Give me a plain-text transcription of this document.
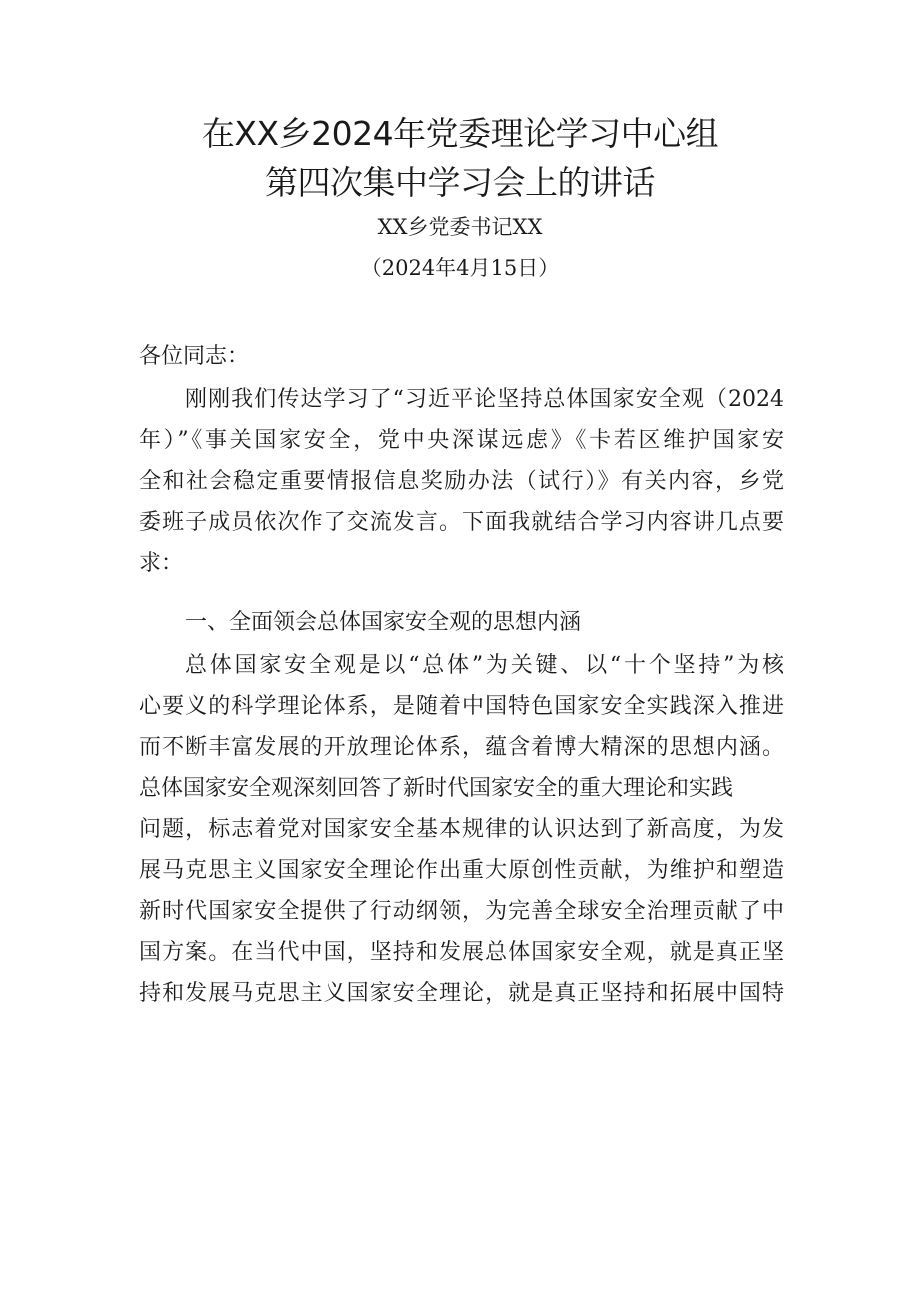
在XX乡2024年党委理论学习中心组
第四次集中学习会上的讲话
XX乡党委书记XX
（2024年4月15日）
各位同志：
刚刚我们传达学习了“习近平论坚持总体国家安全观（2024
年）”《事关国家安全，党中央深谋远虑》《卡若区维护国家安
全和社会稳定重要情报信息奖励办法（试行）》有关内容，乡党
委班子成员依次作了交流发言。下面我就结合学习内容讲几点要
求：
一、全面领会总体国家安全观的思想内涵
总体国家安全观是以“总体”为关键、以“十个坚持”为核
心要义的科学理论体系，是随着中国特色国家安全实践深入推进
而不断丰富发展的开放理论体系，蕴含着博大精深的思想内涵。
总体国家安全观深刻回答了新时代国家安全的重大理论和实践
问题，标志着党对国家安全基本规律的认识达到了新高度，为发
展马克思主义国家安全理论作出重大原创性贡献，为维护和塑造
新时代国家安全提供了行动纲领，为完善全球安全治理贡献了中
国方案。在当代中国，坚持和发展总体国家安全观，就是真正坚
持和发展马克思主义国家安全理论，就是真正坚持和拓展中国特
